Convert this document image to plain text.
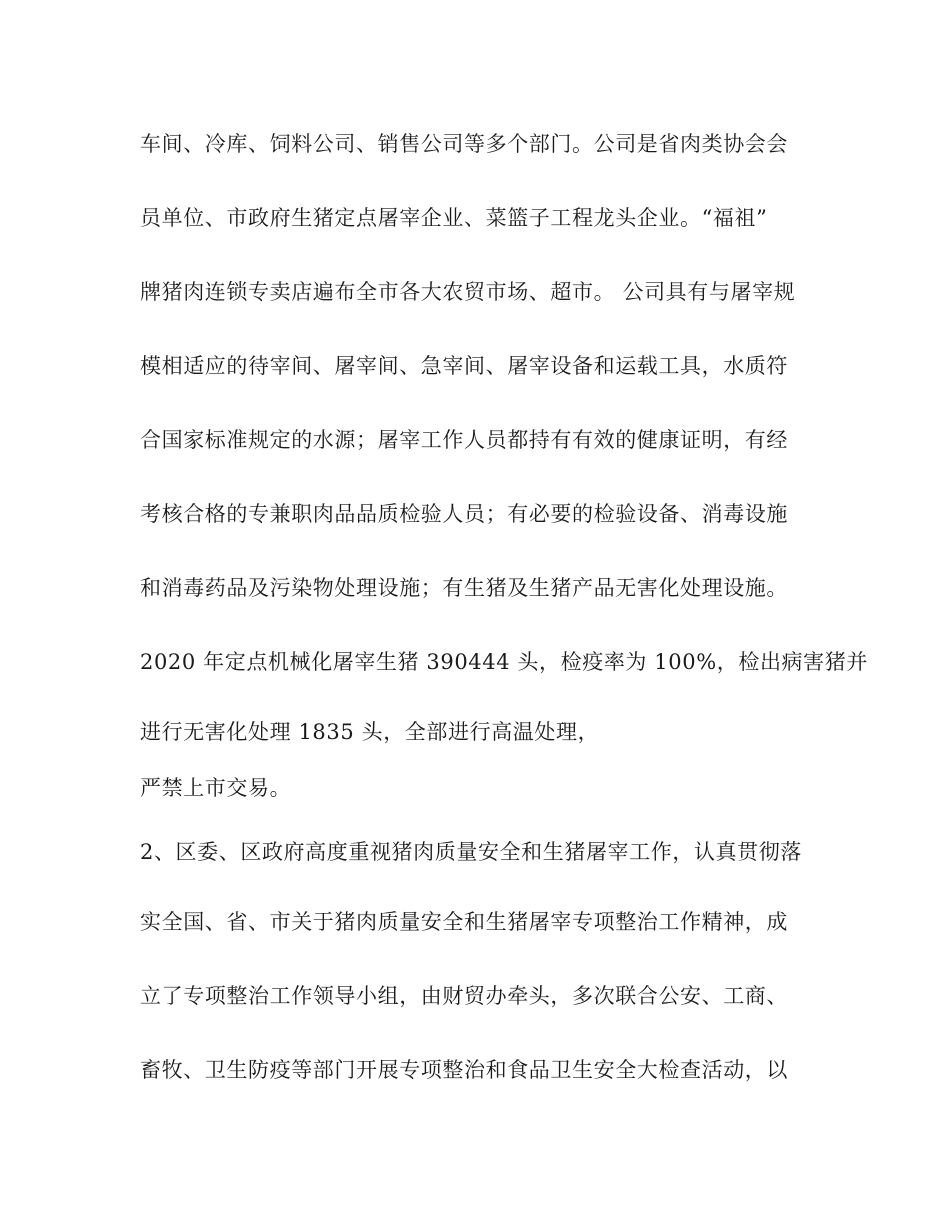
车间、冷库、饲料公司、销售公司等多个部门。公司是省肉类协会会

员单位、市政府生猪定点屠宰企业、菜篮子工程龙头企业。“福祖”

牌猪肉连锁专卖店遍布全市各大农贸市场、超市。 公司具有与屠宰规

模相适应的待宰间、屠宰间、急宰间、屠宰设备和运载工具，水质符

合国家标准规定的水源；屠宰工作人员都持有有效的健康证明，有经

考核合格的专兼职肉品品质检验人员；有必要的检验设备、消毒设施

和消毒药品及污染物处理设施；有生猪及生猪产品无害化处理设施。

2020 年定点机械化屠宰生猪 390444 头，检疫率为 100%，检出病害猪并

进行无害化处理 1835 头，全部进行高温处理，

严禁上市交易。

2、区委、区政府高度重视猪肉质量安全和生猪屠宰工作，认真贯彻落

实全国、省、市关于猪肉质量安全和生猪屠宰专项整治工作精神，成

立了专项整治工作领导小组，由财贸办牵头，多次联合公安、工商、

畜牧、卫生防疫等部门开展专项整治和食品卫生安全大检查活动，以
